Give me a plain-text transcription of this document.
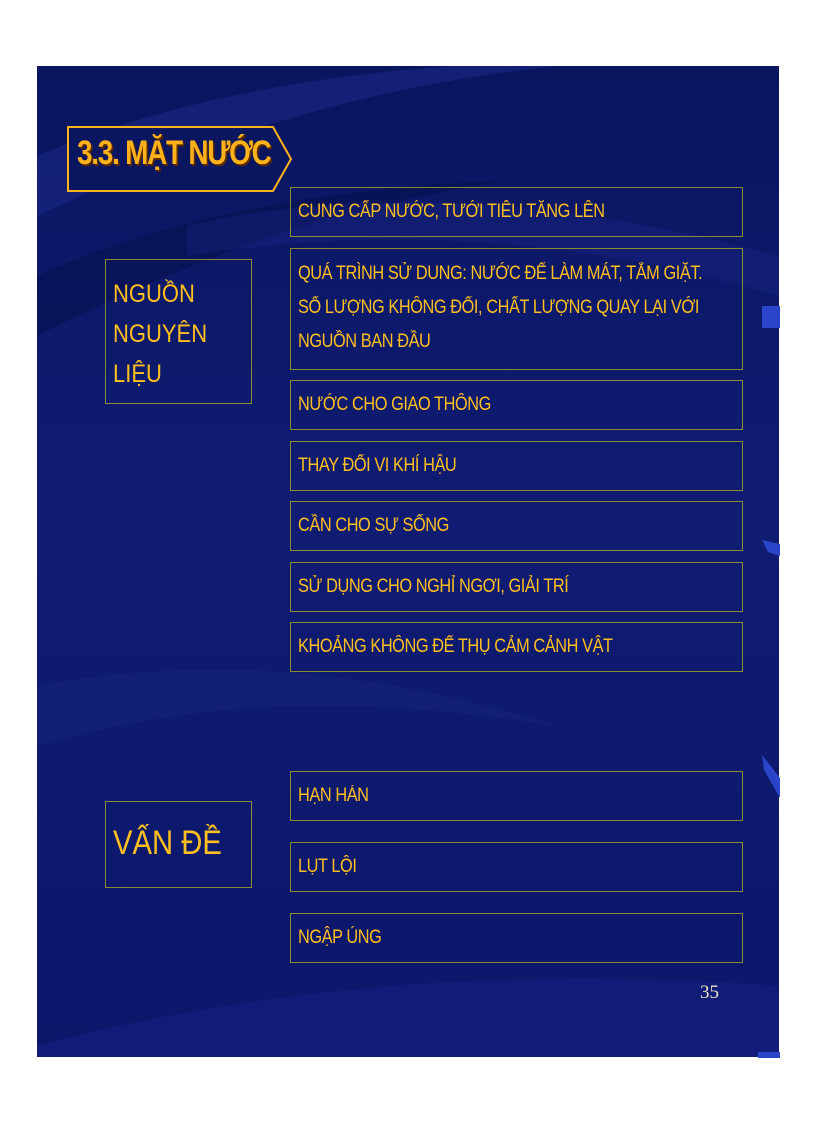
3.3. MẶT NƯỚC
NGUỒN
NGUYÊN
LIỆU
CUNG CẤP NƯỚC, TƯỚI TIÊU TĂNG LÊN
QUÁ TRÌNH SỬ DUNG: NƯỚC ĐỂ LÀM MÁT, TẮM GIẶT.
SỐ LƯỢNG KHÔNG ĐỔI, CHẤT LƯỢNG QUAY LẠI VỚI
NGUỒN BAN ĐẦU
NƯỚC CHO GIAO THÔNG
THAY ĐỔI VI KHÍ HẬU
CẦN CHO SỰ SỐNG
SỬ DỤNG CHO NGHỈ NGƠI, GIẢI TRÍ
KHOẢNG KHÔNG ĐỂ THỤ CẢM CẢNH VẬT
VẤN ĐỀ
HẠN HÁN
LỤT LỘI
NGẬP ÚNG
35
